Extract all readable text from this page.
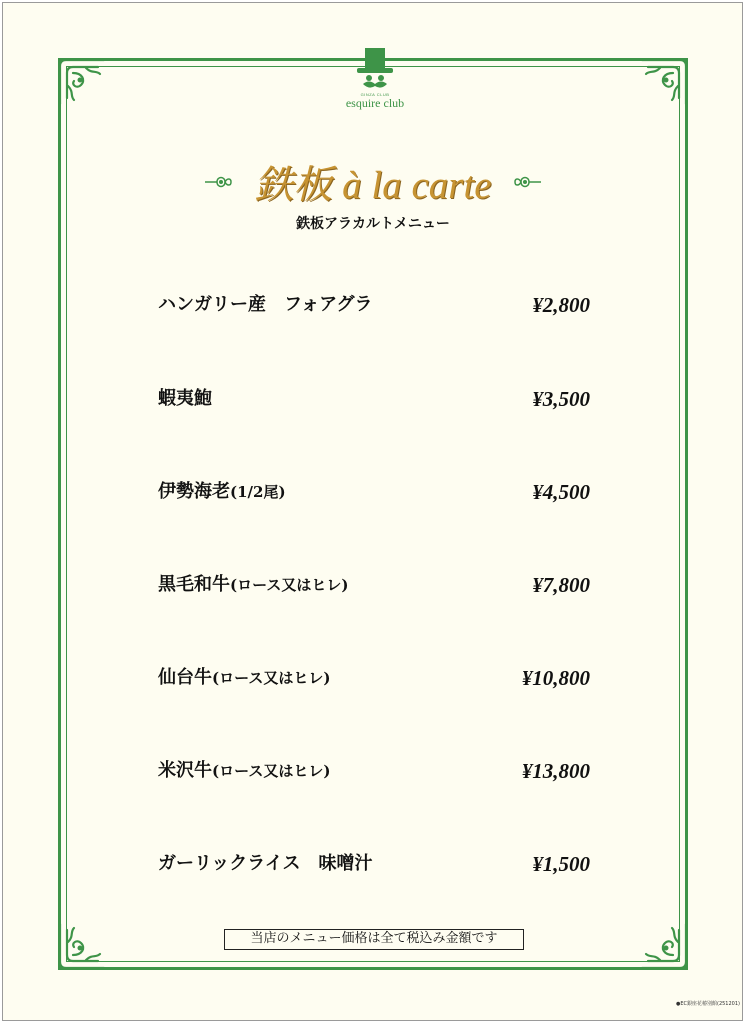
GINZA CLUB
esquire club
鉄板 à la carte
鉄板アラカルトメニュー
ハンガリー産　フォアグラ	¥2,800
蝦夷鮑	¥3,500
伊勢海老(1/2尾)	¥4,500
黒毛和牛(ロース又はヒレ)	¥7,800
仙台牛(ロース又はヒレ)	¥10,800
米沢牛(ロース又はヒレ)	¥13,800
ガーリックライス　味噌汁	¥1,500
当店のメニュー価格は全て税込み金額です
●EC銀座花椿別館(251201)
